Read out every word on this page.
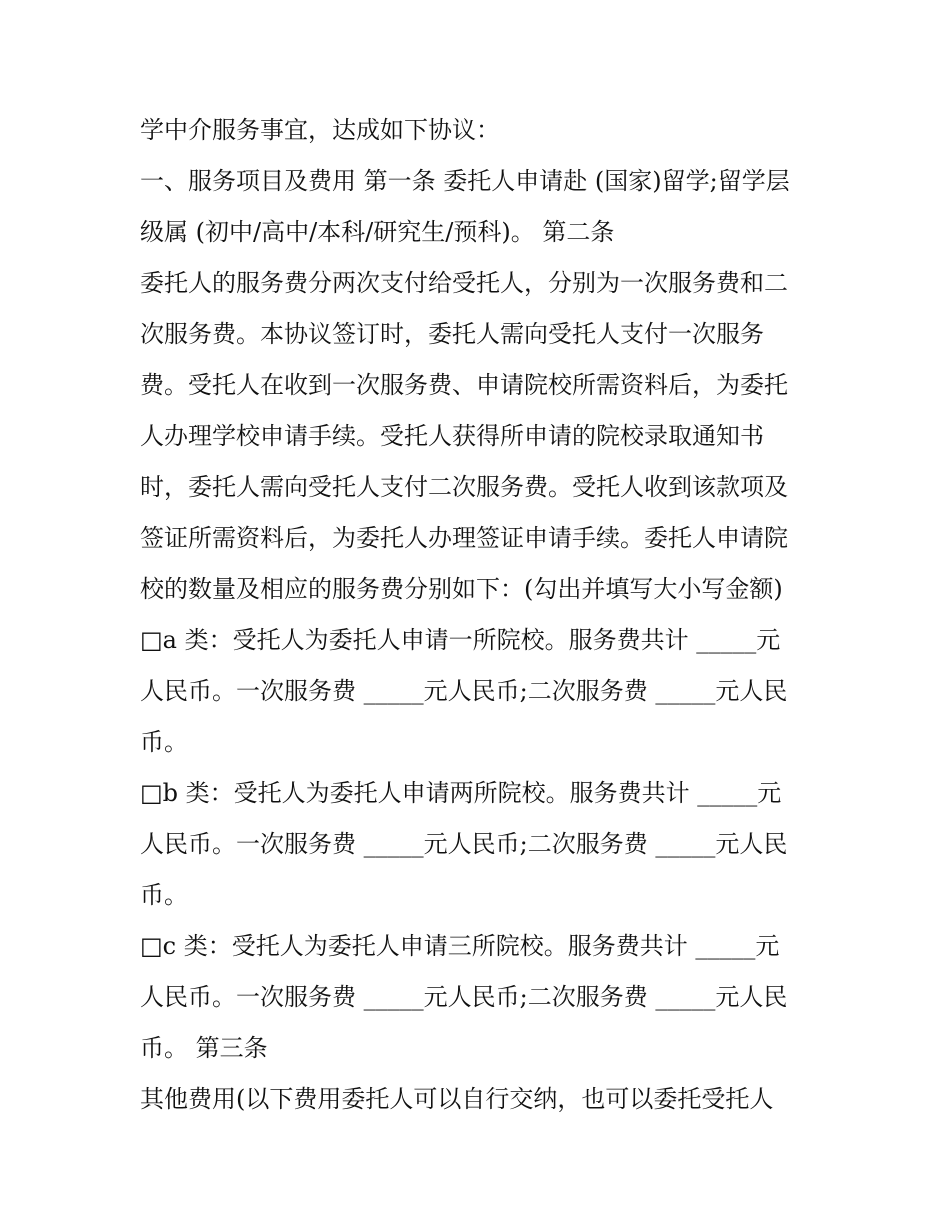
学中介服务事宜，达成如下协议：
一、服务项目及费用 第一条 委托人申请赴 (国家)留学;留学层
级属 (初中/高中/本科/研究生/预科)。 第二条
委托人的服务费分两次支付给受托人，分别为一次服务费和二
次服务费。本协议签订时，委托人需向受托人支付一次服务
费。受托人在收到一次服务费、申请院校所需资料后，为委托
人办理学校申请手续。受托人获得所申请的院校录取通知书
时，委托人需向受托人支付二次服务费。受托人收到该款项及
签证所需资料后，为委托人办理签证申请手续。委托人申请院
校的数量及相应的服务费分别如下：(勾出并填写大小写金额)
□a 类：受托人为委托人申请一所院校。服务费共计 _____元
人民币。一次服务费 _____元人民币;二次服务费 _____元人民
币。
□b 类：受托人为委托人申请两所院校。服务费共计 _____元
人民币。一次服务费 _____元人民币;二次服务费 _____元人民
币。
□c 类：受托人为委托人申请三所院校。服务费共计 _____元
人民币。一次服务费 _____元人民币;二次服务费 _____元人民
币。 第三条
其他费用(以下费用委托人可以自行交纳，也可以委托受托人
